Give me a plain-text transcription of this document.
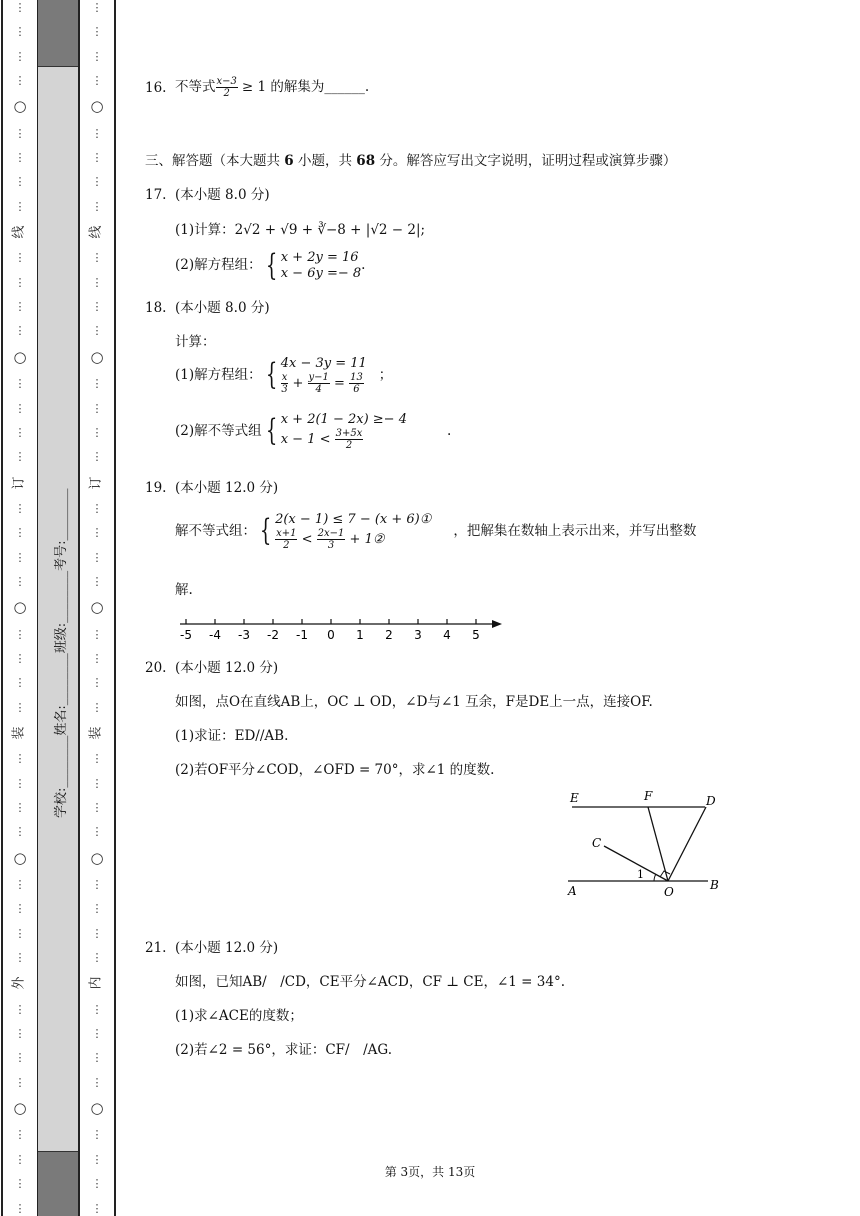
⋮
⋮
⋮
⋮
○
⋮
⋮
⋮
⋮
线
⋮
⋮
⋮
⋮
○
⋮
⋮
⋮
⋮
订
⋮
⋮
⋮
⋮
○
⋮
⋮
⋮
⋮
装
⋮
⋮
⋮
⋮
○
⋮
⋮
⋮
⋮
外
⋮
⋮
⋮
⋮
○
⋮
⋮
⋮
⋮
学校:________姓名:________班级:________考号:________
⋮
⋮
⋮
⋮
○
⋮
⋮
⋮
⋮
线
⋮
⋮
⋮
⋮
○
⋮
⋮
⋮
⋮
订
⋮
⋮
⋮
⋮
○
⋮
⋮
⋮
⋮
装
⋮
⋮
⋮
⋮
○
⋮
⋮
⋮
⋮
内
⋮
⋮
⋮
⋮
○
⋮
⋮
⋮
⋮
16. 不等式 $\frac{x-3}{2} \ge 1$ 的解集为______.
三、解答题（本大题共 6 小题，共 68 分。解答应写出文字说明，证明过程或演算步骤）
17. (本小题 8.0 分)
(1)计算：2√2 + √9 + ∛−8 + |√2 − 2|;
(2)解方程组： { x + 2y = 16
x − 6y =− 8 .
18. (本小题 8.0 分)
计算：
(1)解方程组： { 4x − 3y = 11
$\frac{x}{3} + \frac{y-1}{4} = \frac{13}{6}$ ；
(2)解不等式组 { x + 2(1 − 2x) ≥− 4
$x - 1 < \frac{3+5x}{2}$	.
19. (本小题 12.0 分)
解不等式组： { 2(x − 1) ≤ 7 − (x + 6)①
$\frac{x+1}{2} < \frac{2x-1}{3}$ + 1②
，把解集在数轴上表示出来，并写出整数
解.
-5 -4 -3 -2 -1 0 1 2 3 4 5
20. (本小题 12.0 分)
如图，点O在直线AB上，OC ⊥ OD，∠D与∠1 互余，F是DE上一点，连接OF.
(1)求证：ED//AB.
(2)若OF平分∠COD，∠OFD = 70°，求∠1 的度数.
E	F	D
C
A	O	B
1
21. (本小题 12.0 分)
如图，已知AB/　/CD，CE平分∠ACD，CF ⊥ CE，∠1 = 34°.
(1)求∠ACE的度数；
(2)若∠2 = 56°，求证：CF/　/AG.
第 3页，共 13页
